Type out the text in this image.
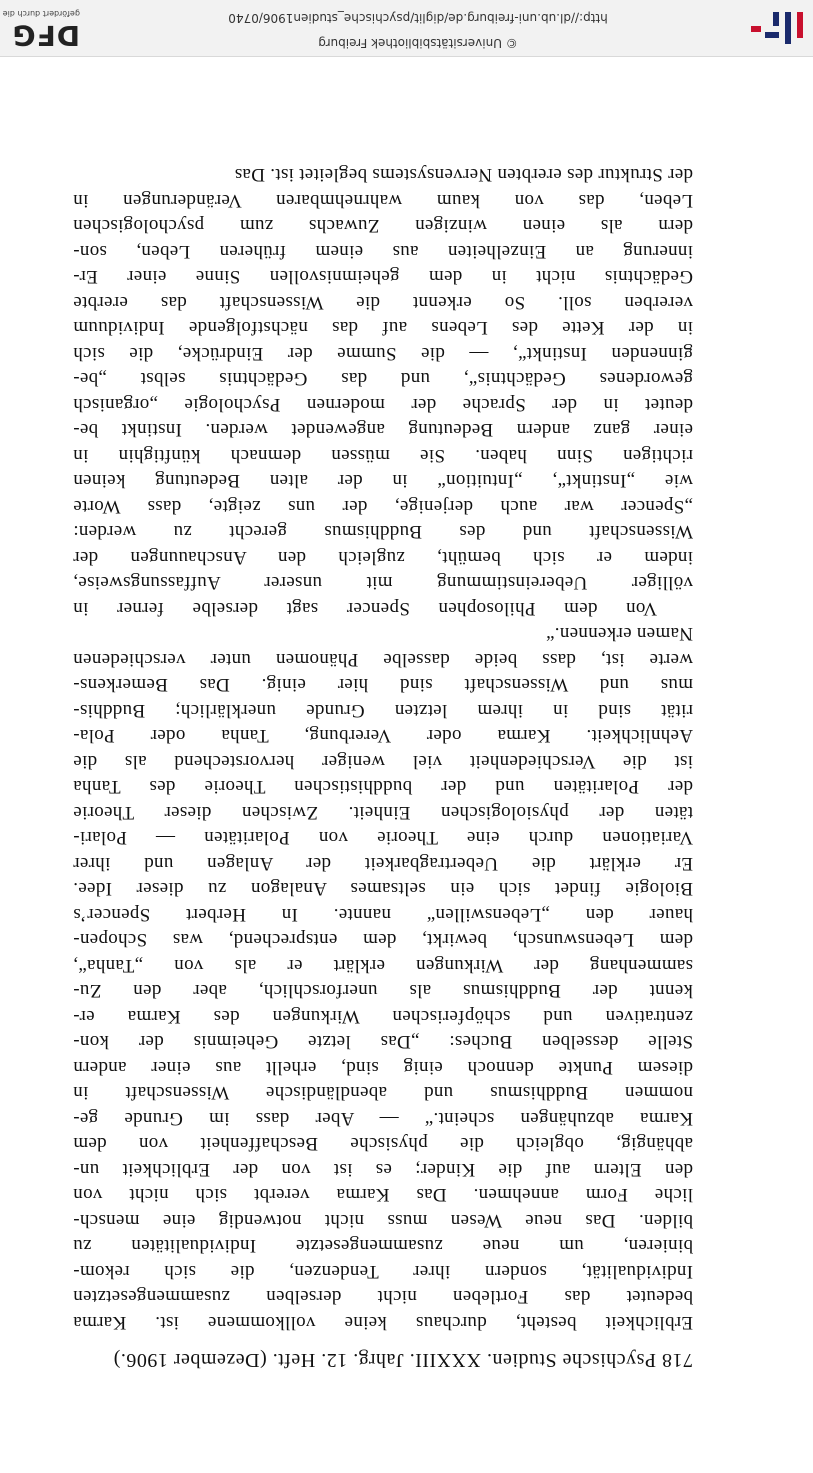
718 Psychische Studien. XXXIII. Jahrg. 12. Heft. (Dezember 1906.)
Erblichkeit besteht, durchaus keine vollkommene ist. Karma
bedeutet das Fortleben nicht derselben zusammengesetzten
Individualität, sondern ihrer Tendenzen, die sich rekom-
binieren, um neue zusammengesetzte Individualitäten zu
bilden. Das neue Wesen muss nicht notwendig eine mensch-
liche Form annehmen. Das Karma vererbt sich nicht von
den Eltern auf die Kinder; es ist von der Erblichkeit un-
abhängig, obgleich die physische Beschaffenheit von dem
Karma abzuhängen scheint.“ — Aber dass im Grunde ge-
nommen Buddhismus und abendländische Wissenschaft in
diesem Punkte dennoch einig sind, erhellt aus einer andern
Stelle desselben Buches: „Das letzte Geheimnis der kon-
zentrativen und schöpferischen Wirkungen des Karma er-
kennt der Buddhismus als unerforschlich, aber den Zu-
sammenhang der Wirkungen erklärt er als von „Tanha“,
dem Lebenswunsch, bewirkt, dem entsprechend, was Schopen-
hauer den „Lebenswillen“ nannte. In Herbert Spencer’s
Biologie findet sich ein seltsames Analagon zu dieser Idee.
Er erklärt die Uebertragbarkeit der Anlagen und ihrer
Variationen durch eine Theorie von Polaritäten — Polari-
täten der physiologischen Einheit. Zwischen dieser Theorie
der Polaritäten und der buddhistischen Theorie des Tanha
ist die Verschiedenheit viel weniger hervorstechend als die
Aehnlichkeit. Karma oder Vererbung, Tanha oder Pola-
rität sind in ihrem letzten Grunde unerklärlich; Buddhis-
mus und Wissenschaft sind hier einig. Das Bemerkens-
werte ist, dass beide dasselbe Phänomen unter verschiedenen
Namen erkennen.“
Von dem Philosophen Spencer sagt derselbe ferner in
völliger Uebereinstimmung mit unserer Auffassungsweise,
indem er sich bemüht, zugleich den Anschauungen der
Wissenschaft und des Buddhismus gerecht zu werden:
„Spencer war auch derjenige, der uns zeigte, dass Worte
wie „Instinkt“, „Intuition“ in der alten Bedeutung keinen
richtigen Sinn haben. Sie müssen demnach künftighin in
einer ganz andern Bedeutung angewendet werden. Instinkt be-
deutet in der Sprache der modernen Psychologie „organisch
gewordenes Gedächtnis“, und das Gedächtnis selbst „be-
ginnenden Instinkt“, — die Summe der Eindrücke, die sich
in der Kette des Lebens auf das nächstfolgende Individuum
vererben soll. So erkennt die Wissenschaft das ererbte
Gedächtnis nicht in dem geheimnisvollen Sinne einer Er-
innerung an Einzelheiten aus einem früheren Leben, son-
dern als einen winzigen Zuwachs zum psychologischen
Leben, das von kaum wahrnehmbaren Veränderungen in
der Struktur des ererbten Nervensystems begleitet ist. Das
© Universitätsbibliothek Freiburg
http://dl.ub.uni-freiburg.de/diglit/psychische_studien1906/0740
DFG
gefördert durch die
